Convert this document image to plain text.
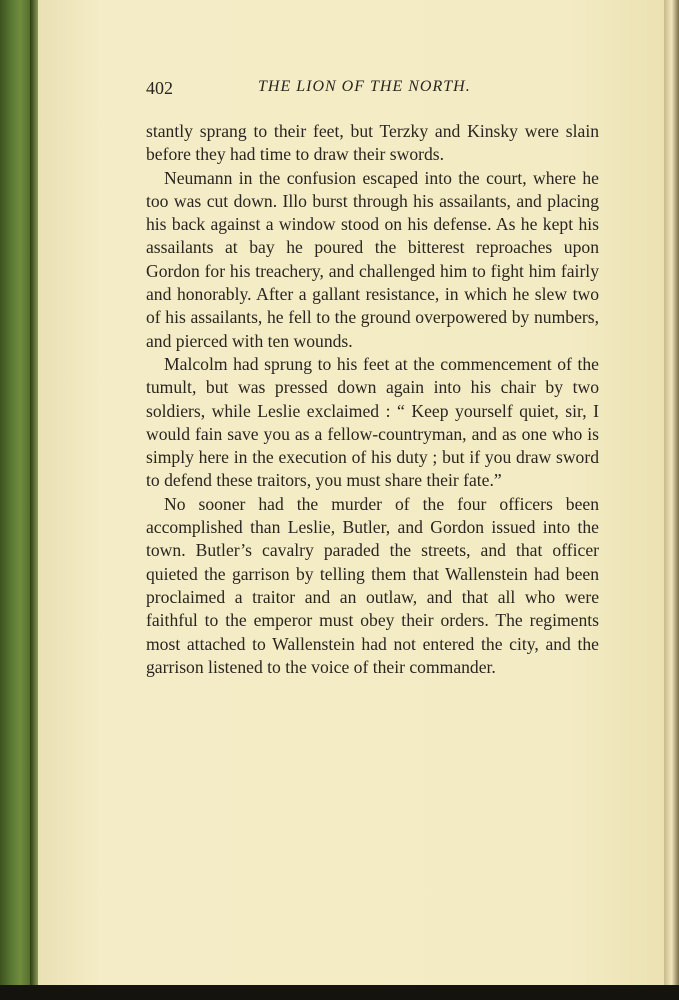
402	THE LION OF THE NORTH.

stantly sprang to their feet, but Terzky and Kinsky were slain before they had time to draw their swords.

Neumann in the confusion escaped into the court, where he too was cut down. Illo burst through his assailants, and placing his back against a window stood on his defense. As he kept his assailants at bay he poured the bitterest reproaches upon Gordon for his treachery, and challenged him to fight him fairly and honorably. After a gallant resistance, in which he slew two of his assailants, he fell to the ground overpowered by numbers, and pierced with ten wounds.

Malcolm had sprung to his feet at the commencement of the tumult, but was pressed down again into his chair by two soldiers, while Leslie exclaimed : “ Keep yourself quiet, sir, I would fain save you as a fellow-countryman, and as one who is simply here in the execution of his duty ; but if you draw sword to defend these traitors, you must share their fate.”

No sooner had the murder of the four officers been accomplished than Leslie, Butler, and Gordon issued into the town. Butler’s cavalry paraded the streets, and that officer quieted the garrison by telling them that Wallenstein had been proclaimed a traitor and an outlaw, and that all who were faithful to the emperor must obey their orders. The regiments most attached to Wallenstein had not entered the city, and the garrison listened to the voice of their commander.
